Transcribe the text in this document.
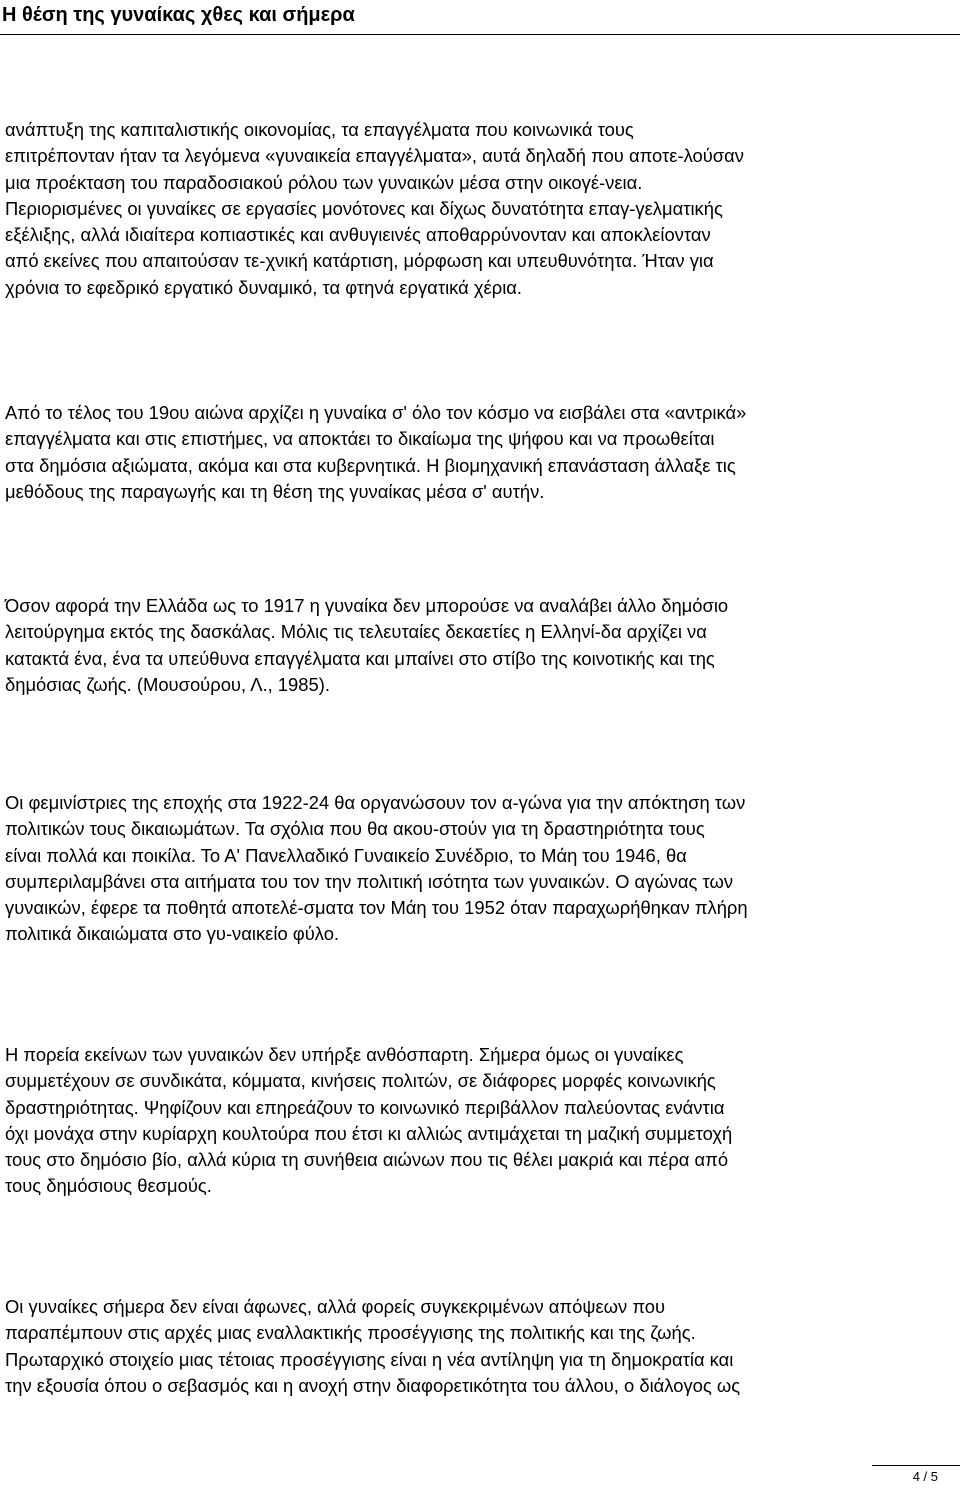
Η θέση της γυναίκας χθες και σήμερα
ανάπτυξη της καπιταλιστικής οικονομίας, τα επαγγέλματα που κοινωνικά τους
επιτρέπονταν ήταν τα λεγόμενα «γυναικεία επαγγέλματα», αυτά δηλαδή που αποτε-λούσαν
μια προέκταση του παραδοσιακού ρόλου των γυναικών μέσα στην οικογέ-νεια.
Περιορισμένες οι γυναίκες σε εργασίες μονότονες και δίχως δυνατότητα επαγ-γελματικής
εξέλιξης, αλλά ιδιαίτερα κοπιαστικές και ανθυγιεινές αποθαρρύνονταν και αποκλείονταν
από εκείνες που απαιτούσαν τε-χνική κατάρτιση, μόρφωση και υπευθυνότητα. Ήταν για
χρόνια το εφεδρικό εργατικό δυναμικό, τα φτηνά εργατικά χέρια.
Από το τέλος του 19ου αιώνα αρχίζει η γυναίκα σ' όλο τον κόσμο να εισβάλει στα «αντρικά»
επαγγέλματα και στις επιστήμες, να αποκτάει το δικαίωμα της ψήφου και να προωθείται
στα δημόσια αξιώματα, ακόμα και στα κυβερνητικά. Η βιομηχανική επανάσταση άλλαξε τις
μεθόδους της παραγωγής και τη θέση της γυναίκας μέσα σ' αυτήν.
Όσον αφορά την Ελλάδα ως το 1917 η γυναίκα δεν μπορούσε να αναλάβει άλλο δημόσιο
λειτούργημα εκτός της δασκάλας. Μόλις τις τελευταίες δεκαετίες η Ελληνί-δα αρχίζει να
κατακτά ένα, ένα τα υπεύθυνα επαγγέλματα και μπαίνει στο στίβο της κοινοτικής και της
δημόσιας ζωής. (Μουσούρου, Λ., 1985).
Οι φεμινίστριες της εποχής στα 1922-24 θα οργανώσουν τον α-γώνα για την απόκτηση των
πολιτικών τους δικαιωμάτων. Τα σχόλια που θα ακου-στούν για τη δραστηριότητα τους
είναι πολλά και ποικίλα. Το Α' Πανελλαδικό Γυναικείο Συνέδριο, το Μάη του 1946, θα
συμπεριλαμβάνει στα αιτήματα του τον την πολιτική ισότητα των γυναικών. Ο αγώνας των
γυναικών, έφερε τα ποθητά αποτελέ-σματα τον Μάη του 1952 όταν παραχωρήθηκαν πλήρη
πολιτικά δικαιώματα στο γυ-ναικείο φύλο.
Η πορεία εκείνων των γυναικών δεν υπήρξε ανθόσπαρτη. Σήμερα όμως οι γυναίκες
συμμετέχουν σε συνδικάτα, κόμματα, κινήσεις πολιτών, σε διάφορες μορφές κοινωνικής
δραστηριότητας. Ψηφίζουν και επηρεάζουν το κοινωνικό περιβάλλον παλεύοντας ενάντια
όχι μονάχα στην κυρίαρχη κουλτούρα που έτσι κι αλλιώς αντιμάχεται τη μαζική συμμετοχή
τους στο δημόσιο βίο, αλλά κύρια τη συνήθεια αιώνων που τις θέλει μακριά και πέρα από
τους δημόσιους θεσμούς.
Οι γυναίκες σήμερα δεν είναι άφωνες, αλλά φορείς συγκεκριμένων απόψεων που
παραπέμπουν στις αρχές μιας εναλλακτικής προσέγγισης της πολιτικής και της ζωής.
Πρωταρχικό στοιχείο μιας τέτοιας προσέγγισης είναι η νέα αντίληψη για τη δημοκρατία και
την εξουσία όπου ο σεβασμός και η ανοχή στην διαφορετικότητα του άλλου, ο διάλογος ως
4 / 5
